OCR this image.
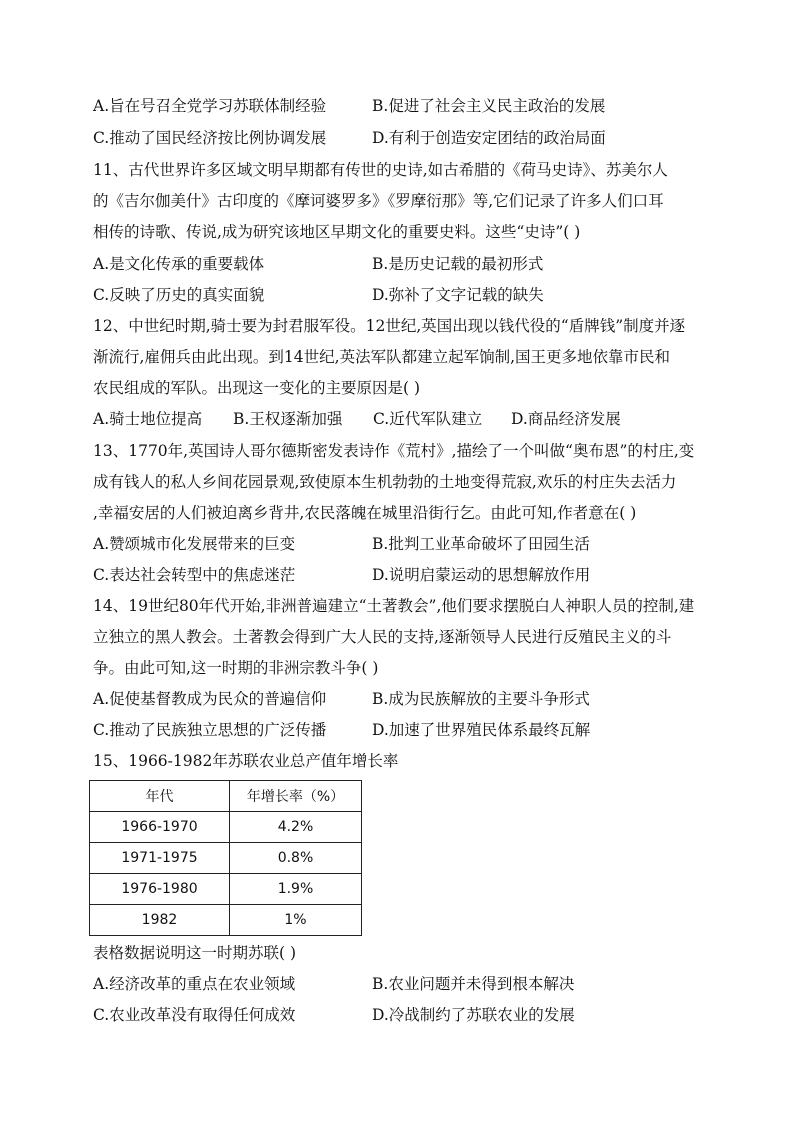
A.旨在号召全党学习苏联体制经验	B.促进了社会主义民主政治的发展
C.推动了国民经济按比例协调发展	D.有利于创造安定团结的政治局面
11、古代世界许多区域文明早期都有传世的史诗,如古希腊的《荷马史诗》、苏美尔人
的《吉尔伽美什》古印度的《摩诃婆罗多》《罗摩衍那》等,它们记录了许多人们口耳
相传的诗歌、传说,成为研究该地区早期文化的重要史料。这些“史诗”( )
A.是文化传承的重要载体	B.是历史记载的最初形式
C.反映了历史的真实面貌	D.弥补了文字记载的缺失
12、中世纪时期,骑士要为封君服军役。12世纪,英国出现以钱代役的“盾牌钱”制度并逐
渐流行,雇佣兵由此出现。到14世纪,英法军队都建立起军饷制,国王更多地依靠市民和
农民组成的军队。出现这一变化的主要原因是( )
A.骑士地位提高 B.王权逐渐加强 C.近代军队建立 D.商品经济发展
13、1770年,英国诗人哥尔德斯密发表诗作《荒村》,描绘了一个叫做“奥布恩”的村庄,变
成有钱人的私人乡间花园景观,致使原本生机勃勃的土地变得荒寂,欢乐的村庄失去活力
,幸福安居的人们被迫离乡背井,农民落魄在城里沿街行乞。由此可知,作者意在( )
A.赞颂城市化发展带来的巨变	B.批判工业革命破坏了田园生活
C.表达社会转型中的焦虑迷茫	D.说明启蒙运动的思想解放作用
14、19世纪80年代开始,非洲普遍建立“土著教会”,他们要求摆脱白人神职人员的控制,建
立独立的黑人教会。土著教会得到广大人民的支持,逐渐领导人民进行反殖民主义的斗
争。由此可知,这一时期的非洲宗教斗争( )
A.促使基督教成为民众的普遍信仰	B.成为民族解放的主要斗争形式
C.推动了民族独立思想的广泛传播	D.加速了世界殖民体系最终瓦解
15、1966-1982年苏联农业总产值年增长率
年代	年增长率（%）
1966-1970	4.2%
1971-1975	0.8%
1976-1980	1.9%
1982	1%
表格数据说明这一时期苏联( )
A.经济改革的重点在农业领域	B.农业问题并未得到根本解决
C.农业改革没有取得任何成效	D.冷战制约了苏联农业的发展
